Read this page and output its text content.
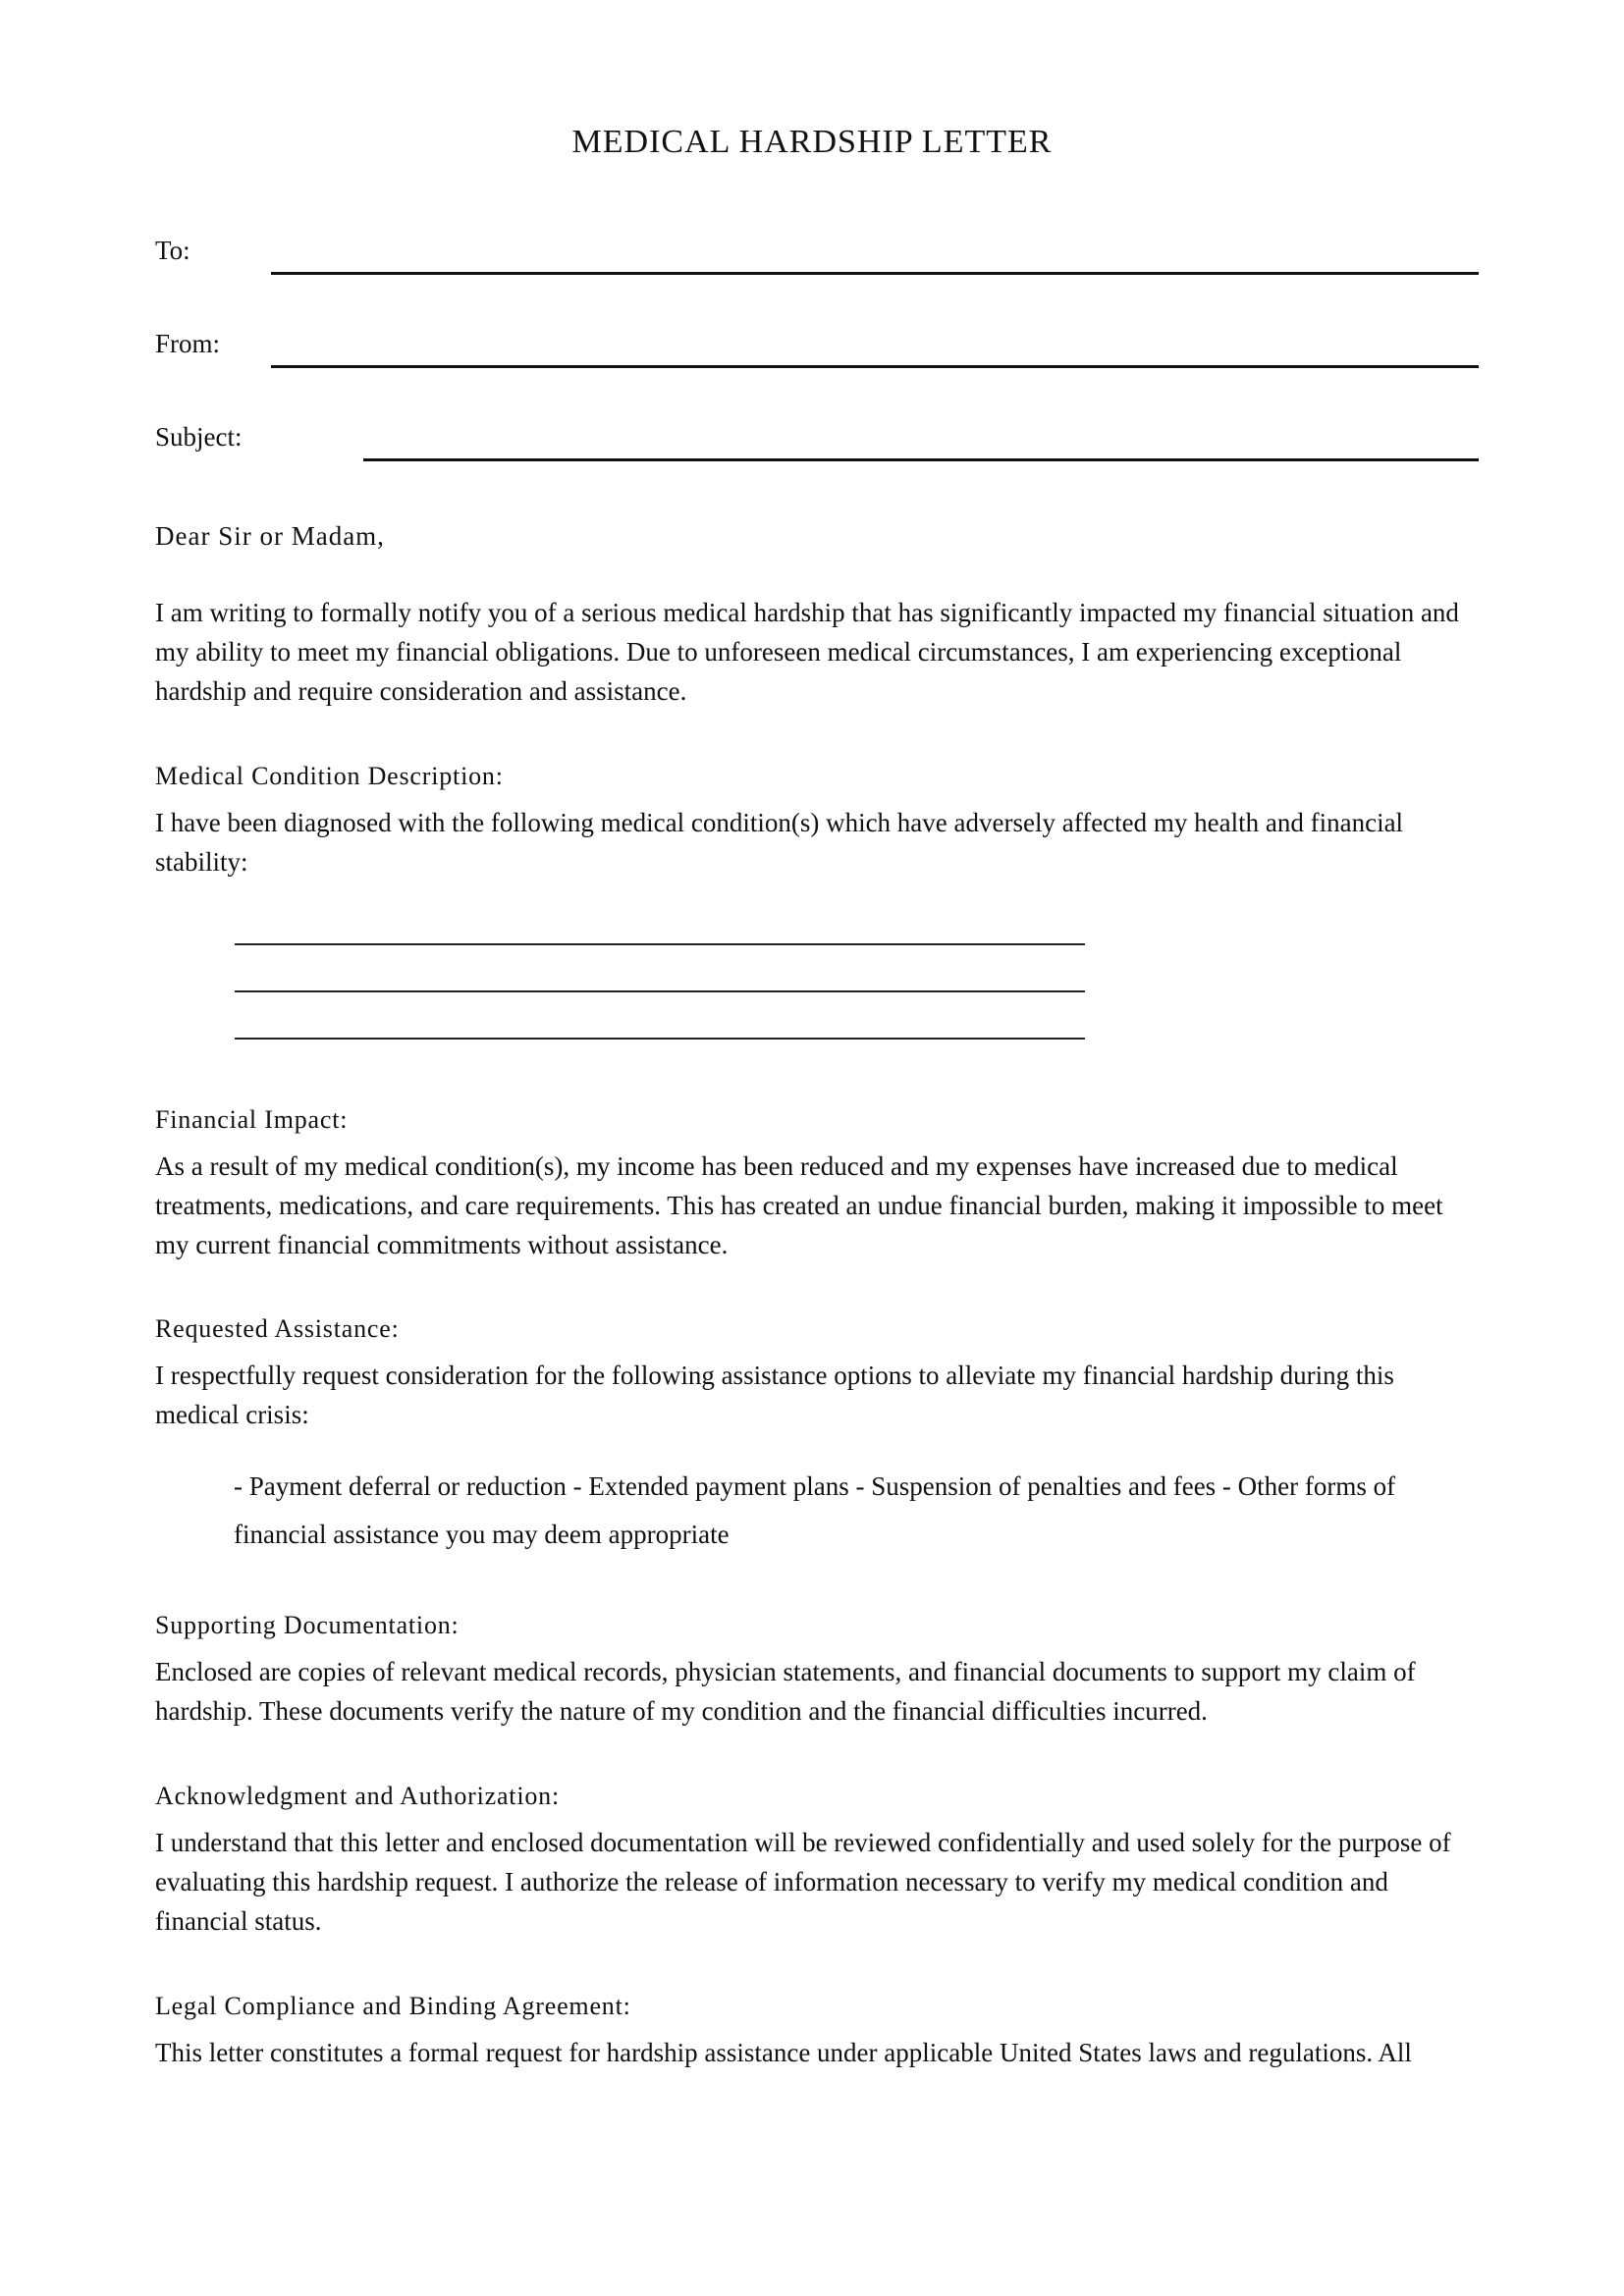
MEDICAL HARDSHIP LETTER
To:
From:
Subject:

Dear Sir or Madam,

I am writing to formally notify you of a serious medical hardship that has significantly impacted my financial situation and my ability to meet my financial obligations. Due to unforeseen medical circumstances, I am experiencing exceptional hardship and require consideration and assistance.

Medical Condition Description:

I have been diagnosed with the following medical condition(s) which have adversely affected my health and financial stability:

Financial Impact:

As a result of my medical condition(s), my income has been reduced and my expenses have increased due to medical treatments, medications, and care requirements. This has created an undue financial burden, making it impossible to meet my current financial commitments without assistance.

Requested Assistance:

I respectfully request consideration for the following assistance options to alleviate my financial hardship during this medical crisis:

- Payment deferral or reduction - Extended payment plans - Suspension of penalties and fees - Other forms of financial assistance you may deem appropriate

Supporting Documentation:

Enclosed are copies of relevant medical records, physician statements, and financial documents to support my claim of hardship. These documents verify the nature of my condition and the financial difficulties incurred.

Acknowledgment and Authorization:

I understand that this letter and enclosed documentation will be reviewed confidentially and used solely for the purpose of evaluating this hardship request. I authorize the release of information necessary to verify my medical condition and financial status.

Legal Compliance and Binding Agreement:

This letter constitutes a formal request for hardship assistance under applicable United States laws and regulations. All
